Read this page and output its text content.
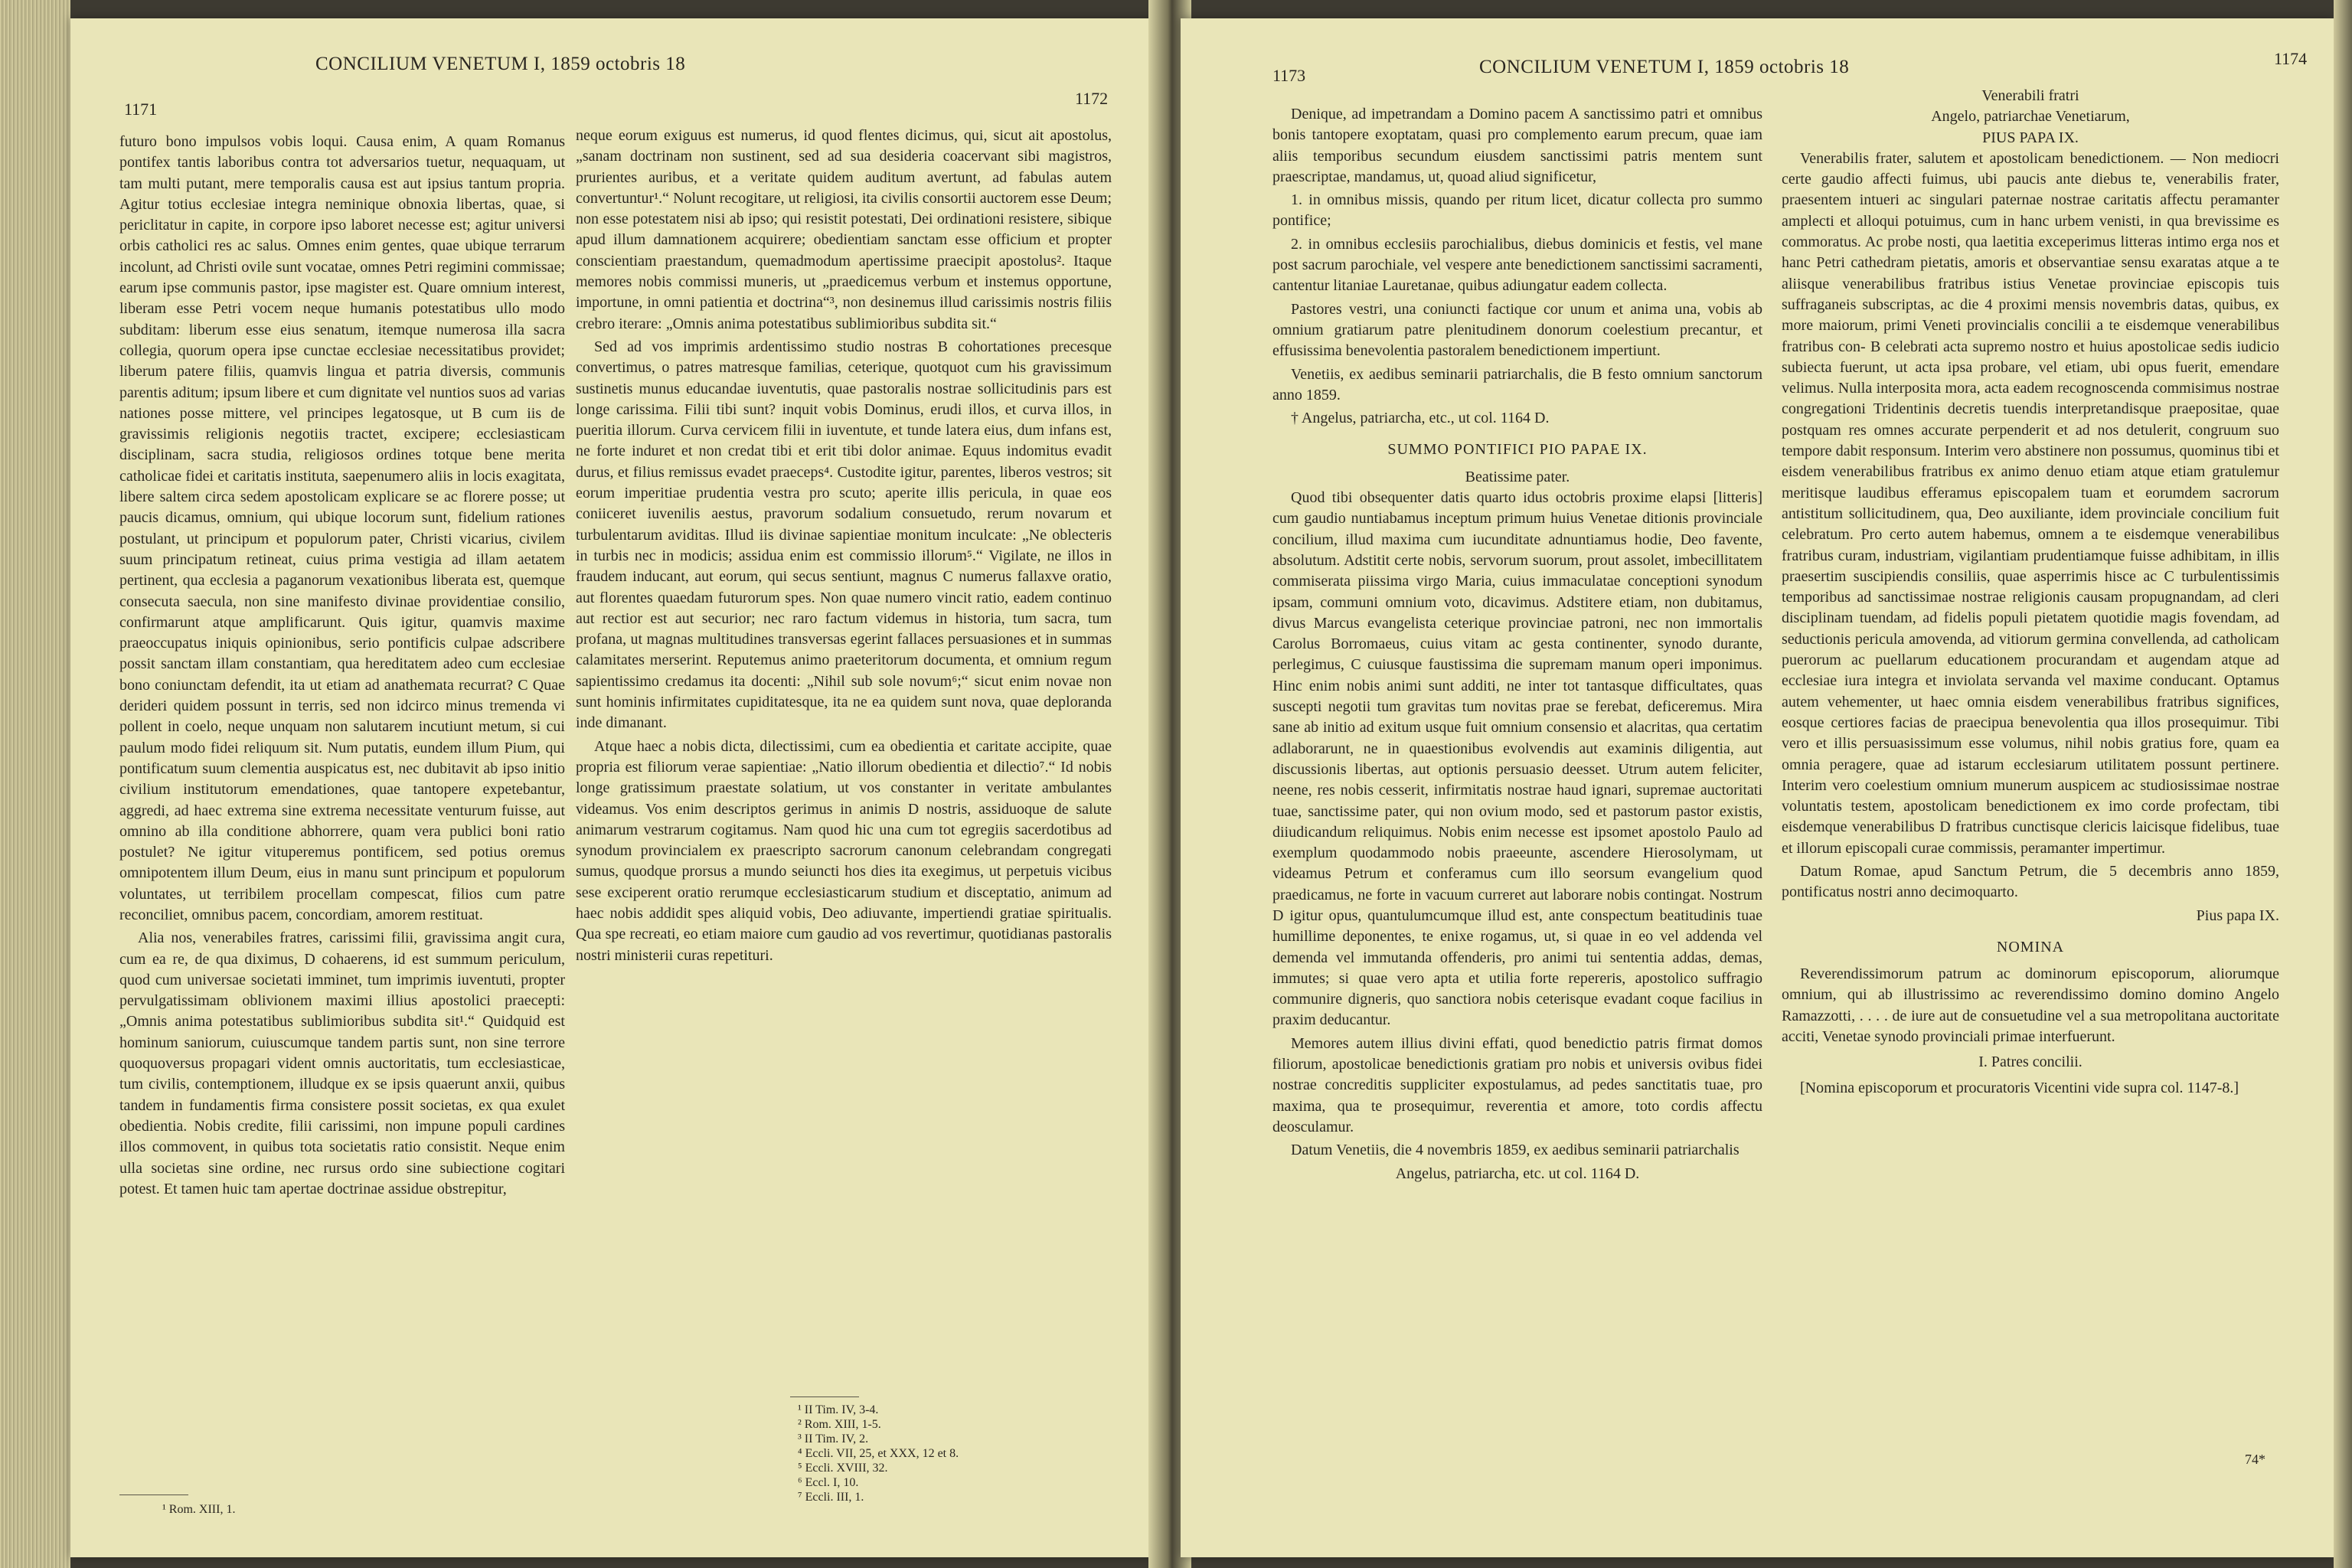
CONCILIUM VENETUM I, 1859 octobris 18
1171
1172

futuro bono impulsos vobis loqui. Causa enim, A quam Romanus pontifex tantis laboribus contra tot adversarios tuetur, nequaquam, ut tam multi putant, mere temporalis causa est aut ipsius tantum propria. Agitur totius ecclesiae integra neminique obnoxia libertas, quae, si periclitatur in capite, in corpore ipso laboret necesse est; agitur universi orbis catholici res ac salus. Omnes enim gentes, quae ubique terrarum incolunt, ad Christi ovile sunt vocatae, omnes Petri regimini commissae; earum ipse communis pastor, ipse magister est. Quare omnium interest, liberam esse Petri vocem neque humanis potestatibus ullo modo subditam: liberum esse eius senatum, itemque numerosa illa sacra collegia, quorum opera ipse cunctae ecclesiae necessitatibus providet; liberum patere filiis, quamvis lingua et patria diversis, communis parentis aditum; ipsum libere et cum dignitate vel nuntios suos ad varias nationes posse mittere, vel principes legatosque, ut B cum iis de gravissimis religionis negotiis tractet, excipere; ecclesiasticam disciplinam, sacra studia, religiosos ordines totque bene merita catholicae fidei et caritatis instituta, saepenumero aliis in locis exagitata, libere saltem circa sedem apostolicam explicare se ac florere posse; ut paucis dicamus, omnium, qui ubique locorum sunt, fidelium rationes postulant, ut principum et populorum pater, Christi vicarius, civilem suum principatum retineat, cuius prima vestigia ad illam aetatem pertinent, qua ecclesia a paganorum vexationibus liberata est, quemque consecuta saecula, non sine manifesto divinae providentiae consilio, confirmarunt atque amplificarunt. Quis igitur, quamvis maxime praeoccupatus iniquis opinionibus, serio pontificis culpae adscribere possit sanctam illam constantiam, qua hereditatem adeo cum ecclesiae bono coniunctam defendit, ita ut etiam ad anathemata recurrat? C Quae derideri quidem possunt in terris, sed non idcirco minus tremenda vi pollent in coelo, neque unquam non salutarem incutiunt metum, si cui paulum modo fidei reliquum sit. Num putatis, eundem illum Pium, qui pontificatum suum clementia auspicatus est, nec dubitavit ab ipso initio civilium institutorum emendationes, quae tantopere expetebantur, aggredi, ad haec extrema sine extrema necessitate venturum fuisse, aut omnino ab illa conditione abhorrere, quam vera publici boni ratio postulet? Ne igitur vituperemus pontificem, sed potius oremus omnipotentem illum Deum, eius in manu sunt principum et populorum voluntates, ut terribilem procellam compescat, filios cum patre reconciliet, omnibus pacem, concordiam, amorem restituat.

Alia nos, venerabiles fratres, carissimi filii, gravissima angit cura, cum ea re, de qua diximus, D cohaerens, id est summum periculum, quod cum universae societati imminet, tum imprimis iuventuti, propter pervulgatissimam oblivionem maximi illius apostolici praecepti: „Omnis anima potestatibus sublimioribus subdita sit¹.“ Quidquid est hominum saniorum, cuiuscumque tandem partis sunt, non sine terrore quoquoversus propagari vident omnis auctoritatis, tum ecclesiasticae, tum civilis, contemptionem, illudque ex se ipsis quaerunt anxii, quibus tandem in fundamentis firma consistere possit societas, ex qua exulet obedientia. Nobis credite, filii carissimi, non impune populi cardines illos commovent, in quibus tota societatis ratio consistit. Neque enim ulla societas sine ordine, nec rursus ordo sine subiectione cogitari potest. Et tamen huic tam apertae doctrinae assidue obstrepitur,

¹ Rom. XIII, 1.

neque eorum exiguus est numerus, id quod flentes dicimus, qui, sicut ait apostolus, „sanam doctrinam non sustinent, sed ad sua desideria coacervant sibi magistros, prurientes auribus, et a veritate quidem auditum avertunt, ad fabulas autem convertuntur¹.“ Nolunt recogitare, ut religiosi, ita civilis consortii auctorem esse Deum; non esse potestatem nisi ab ipso; qui resistit potestati, Dei ordinationi resistere, sibique apud illum damnationem acquirere; obedientiam sanctam esse officium et propter conscientiam praestandum, quemadmodum apertissime praecipit apostolus². Itaque memores nobis commissi muneris, ut „praedicemus verbum et instemus opportune, importune, in omni patientia et doctrina“³, non desinemus illud carissimis nostris filiis crebro iterare: „Omnis anima potestatibus sublimioribus subdita sit.“

Sed ad vos imprimis ardentissimo studio nostras B cohortationes precesque convertimus, o patres matresque familias, ceterique, quotquot cum his gravissimum sustinetis munus educandae iuventutis, quae pastoralis nostrae sollicitudinis pars est longe carissima. Filii tibi sunt? inquit vobis Dominus, erudi illos, et curva illos, in pueritia illorum. Curva cervicem filii in iuventute, et tunde latera eius, dum infans est, ne forte induret et non credat tibi et erit tibi dolor animae. Equus indomitus evadit durus, et filius remissus evadet praeceps⁴. Custodite igitur, parentes, liberos vestros; sit eorum imperitiae prudentia vestra pro scuto; aperite illis pericula, in quae eos coniiceret iuvenilis aestus, pravorum sodalium consuetudo, rerum novarum et turbulentarum aviditas. Illud iis divinae sapientiae monitum inculcate: „Ne oblecteris in turbis nec in modicis; assidua enim est commissio illorum⁵.“ Vigilate, ne illos in fraudem inducant, aut eorum, qui secus sentiunt, magnus C numerus fallaxve oratio, aut florentes quaedam futurorum spes. Non quae numero vincit ratio, eadem continuo aut rectior est aut securior; nec raro factum videmus in historia, tum sacra, tum profana, ut magnas multitudines transversas egerint fallaces persuasiones et in summas calamitates merserint. Reputemus animo praeteritorum documenta, et omnium regum sapientissimo credamus ita docenti: „Nihil sub sole novum⁶;“ sicut enim novae non sunt hominis infirmitates cupiditatesque, ita ne ea quidem sunt nova, quae deploranda inde dimanant.

Atque haec a nobis dicta, dilectissimi, cum ea obedientia et caritate accipite, quae propria est filiorum verae sapientiae: „Natio illorum obedientia et dilectio⁷.“ Id nobis longe gratissimum praestate solatium, ut vos constanter in veritate ambulantes videamus. Vos enim descriptos gerimus in animis D nostris, assiduoque de salute animarum vestrarum cogitamus. Nam quod hic una cum tot egregiis sacerdotibus ad synodum provincialem ex praescripto sacrorum canonum celebrandam congregati sumus, quodque prorsus a mundo seiuncti hos dies ita exegimus, ut perpetuis vicibus sese exciperent oratio rerumque ecclesiasticarum studium et disceptatio, animum ad haec nobis addidit spes aliquid vobis, Deo adiuvante, impertiendi gratiae spiritualis. Qua spe recreati, eo etiam maiore cum gaudio ad vos revertimur, quotidianas pastoralis nostri ministerii curas repetituri.

¹ II Tim. IV, 3-4.
² Rom. XIII, 1-5.
³ II Tim. IV, 2.
⁴ Eccli. VII, 25, et XXX, 12 et 8.
⁵ Eccli. XVIII, 32.
⁶ Eccl. I, 10.
⁷ Eccli. III, 1.
CONCILIUM VENETUM I, 1859 octobris 18
1173
1174

Denique, ad impetrandam a Domino pacem A sanctissimo patri et omnibus bonis tantopere exoptatam, quasi pro complemento earum precum, quae iam aliis temporibus secundum eiusdem sanctissimi patris mentem sunt praescriptae, mandamus, ut, quoad aliud significetur,

1. in omnibus missis, quando per ritum licet, dicatur collecta pro summo pontifice;

2. in omnibus ecclesiis parochialibus, diebus dominicis et festis, vel mane post sacrum parochiale, vel vespere ante benedictionem sanctissimi sacramenti, cantentur litaniae Lauretanae, quibus adiungatur eadem collecta.

Pastores vestri, una coniuncti factique cor unum et anima una, vobis ab omnium gratiarum patre plenitudinem donorum coelestium precantur, et effusissima benevolentia pastoralem benedictionem impertiunt.

Venetiis, ex aedibus seminarii patriarchalis, die B festo omnium sanctorum anno 1859.

† Angelus, patriarcha, etc., ut col. 1164 D.

SUMMO PONTIFICI PIO PAPAE IX.
Beatissime pater.

Quod tibi obsequenter datis quarto idus octobris proxime elapsi [litteris] cum gaudio nuntiabamus inceptum primum huius Venetae ditionis provinciale concilium, illud maxima cum iucunditate adnuntiamus hodie, Deo favente, absolutum. Adstitit certe nobis, servorum suorum, prout assolet, imbecillitatem commiserata piissima virgo Maria, cuius immaculatae conceptioni synodum ipsam, communi omnium voto, dicavimus. Adstitere etiam, non dubitamus, divus Marcus evangelista ceterique provinciae patroni, nec non immortalis Carolus Borromaeus, cuius vitam ac gesta continenter, synodo durante, perlegimus, C cuiusque faustissima die supremam manum operi imponimus. Hinc enim nobis animi sunt additi, ne inter tot tantasque difficultates, quas suscepti negotii tum gravitas tum novitas prae se ferebat, deficeremus. Mira sane ab initio ad exitum usque fuit omnium consensio et alacritas, qua certatim adlaborarunt, ne in quaestionibus evolvendis aut examinis diligentia, aut discussionis libertas, aut optionis persuasio deesset. Utrum autem feliciter, neene, res nobis cesserit, infirmitatis nostrae haud ignari, supremae auctoritati tuae, sanctissime pater, qui non ovium modo, sed et pastorum pastor existis, diiudicandum reliquimus. Nobis enim necesse est ipsomet apostolo Paulo ad exemplum quodammodo nobis praeeunte, ascendere Hierosolymam, ut videamus Petrum et conferamus cum illo seorsum evangelium quod praedicamus, ne forte in vacuum curreret aut laborare nobis contingat. Nostrum D igitur opus, quantulumcumque illud est, ante conspectum beatitudinis tuae humillime deponentes, te enixe rogamus, ut, si quae in eo vel addenda vel demenda vel immutanda offenderis, pro animi tui sententia addas, demas, immutes; si quae vero apta et utilia forte repereris, apostolico suffragio communire digneris, quo sanctiora nobis ceterisque evadant coque facilius in praxim deducantur.

Memores autem illius divini effati, quod benedictio patris firmat domos filiorum, apostolicae benedictionis gratiam pro nobis et universis ovibus fidei nostrae concreditis suppliciter expostulamus, ad pedes sanctitatis tuae, pro maxima, qua te prosequimur, reverentia et amore, toto cordis affectu deosculamur.

Datum Venetiis, die 4 novembris 1859, ex aedibus seminarii patriarchalis

Angelus, patriarcha, etc. ut col. 1164 D.

Venerabili fratri
Angelo, patriarchae Venetiarum,
PIUS PAPA IX.

Venerabilis frater, salutem et apostolicam benedictionem. — Non mediocri certe gaudio affecti fuimus, ubi paucis ante diebus te, venerabilis frater, praesentem intueri ac singulari paternae nostrae caritatis affectu peramanter amplecti et alloqui potuimus, cum in hanc urbem venisti, in qua brevissime es commoratus. Ac probe nosti, qua laetitia exceperimus litteras intimo erga nos et hanc Petri cathedram pietatis, amoris et observantiae sensu exaratas atque a te aliisque venerabilibus fratribus istius Venetae provinciae episcopis tuis suffraganeis subscriptas, ac die 4 proximi mensis novembris datas, quibus, ex more maiorum, primi Veneti provincialis concilii a te eisdemque venerabilibus fratribus con- B celebrati acta supremo nostro et huius apostolicae sedis iudicio subiecta fuerunt, ut acta ipsa probare, vel etiam, ubi opus fuerit, emendare velimus. Nulla interposita mora, acta eadem recognoscenda commisimus nostrae congregationi Tridentinis decretis tuendis interpretandisque praepositae, quae postquam res omnes accurate perpenderit et ad nos detulerit, congruum suo tempore dabit responsum. Interim vero abstinere non possumus, quominus tibi et eisdem venerabilibus fratribus ex animo denuo etiam atque etiam gratulemur meritisque laudibus efferamus episcopalem tuam et eorumdem sacrorum antistitum sollicitudinem, qua, Deo auxiliante, idem provinciale concilium fuit celebratum. Pro certo autem habemus, omnem a te eisdemque venerabilibus fratribus curam, industriam, vigilantiam prudentiamque fuisse adhibitam, in illis praesertim suscipiendis consiliis, quae asperrimis hisce ac C turbulentissimis temporibus ad sanctissimae nostrae religionis causam propugnandam, ad cleri disciplinam tuendam, ad fidelis populi pietatem quotidie magis fovendam, ad seductionis pericula amovenda, ad vitiorum germina convellenda, ad catholicam puerorum ac puellarum educationem procurandam et augendam atque ad ecclesiae iura integra et inviolata servanda vel maxime conducant. Optamus autem vehementer, ut haec omnia eisdem venerabilibus fratribus significes, eosque certiores facias de praecipua benevolentia qua illos prosequimur. Tibi vero et illis persuasissimum esse volumus, nihil nobis gratius fore, quam ea omnia peragere, quae ad istarum ecclesiarum utilitatem possunt pertinere. Interim vero coelestium omnium munerum auspicem ac studiosissimae nostrae voluntatis testem, apostolicam benedictionem ex imo corde profectam, tibi eisdemque venerabilibus D fratribus cunctisque clericis laicisque fidelibus, tuae et illorum episcopali curae commissis, peramanter impertimur.

Datum Romae, apud Sanctum Petrum, die 5 decembris anno 1859, pontificatus nostri anno decimoquarto.

Pius papa IX.

NOMINA

Reverendissimorum patrum ac dominorum episcoporum, aliorumque omnium, qui ab illustrissimo ac reverendissimo domino domino Angelo Ramazzotti, . . . . de iure aut de consuetudine vel a sua metropolitana auctoritate acciti, Venetae synodo provinciali primae interfuerunt.

I. Patres concilii.

[Nomina episcoporum et procuratoris Vicentini vide supra col. 1147-8.]

74*
